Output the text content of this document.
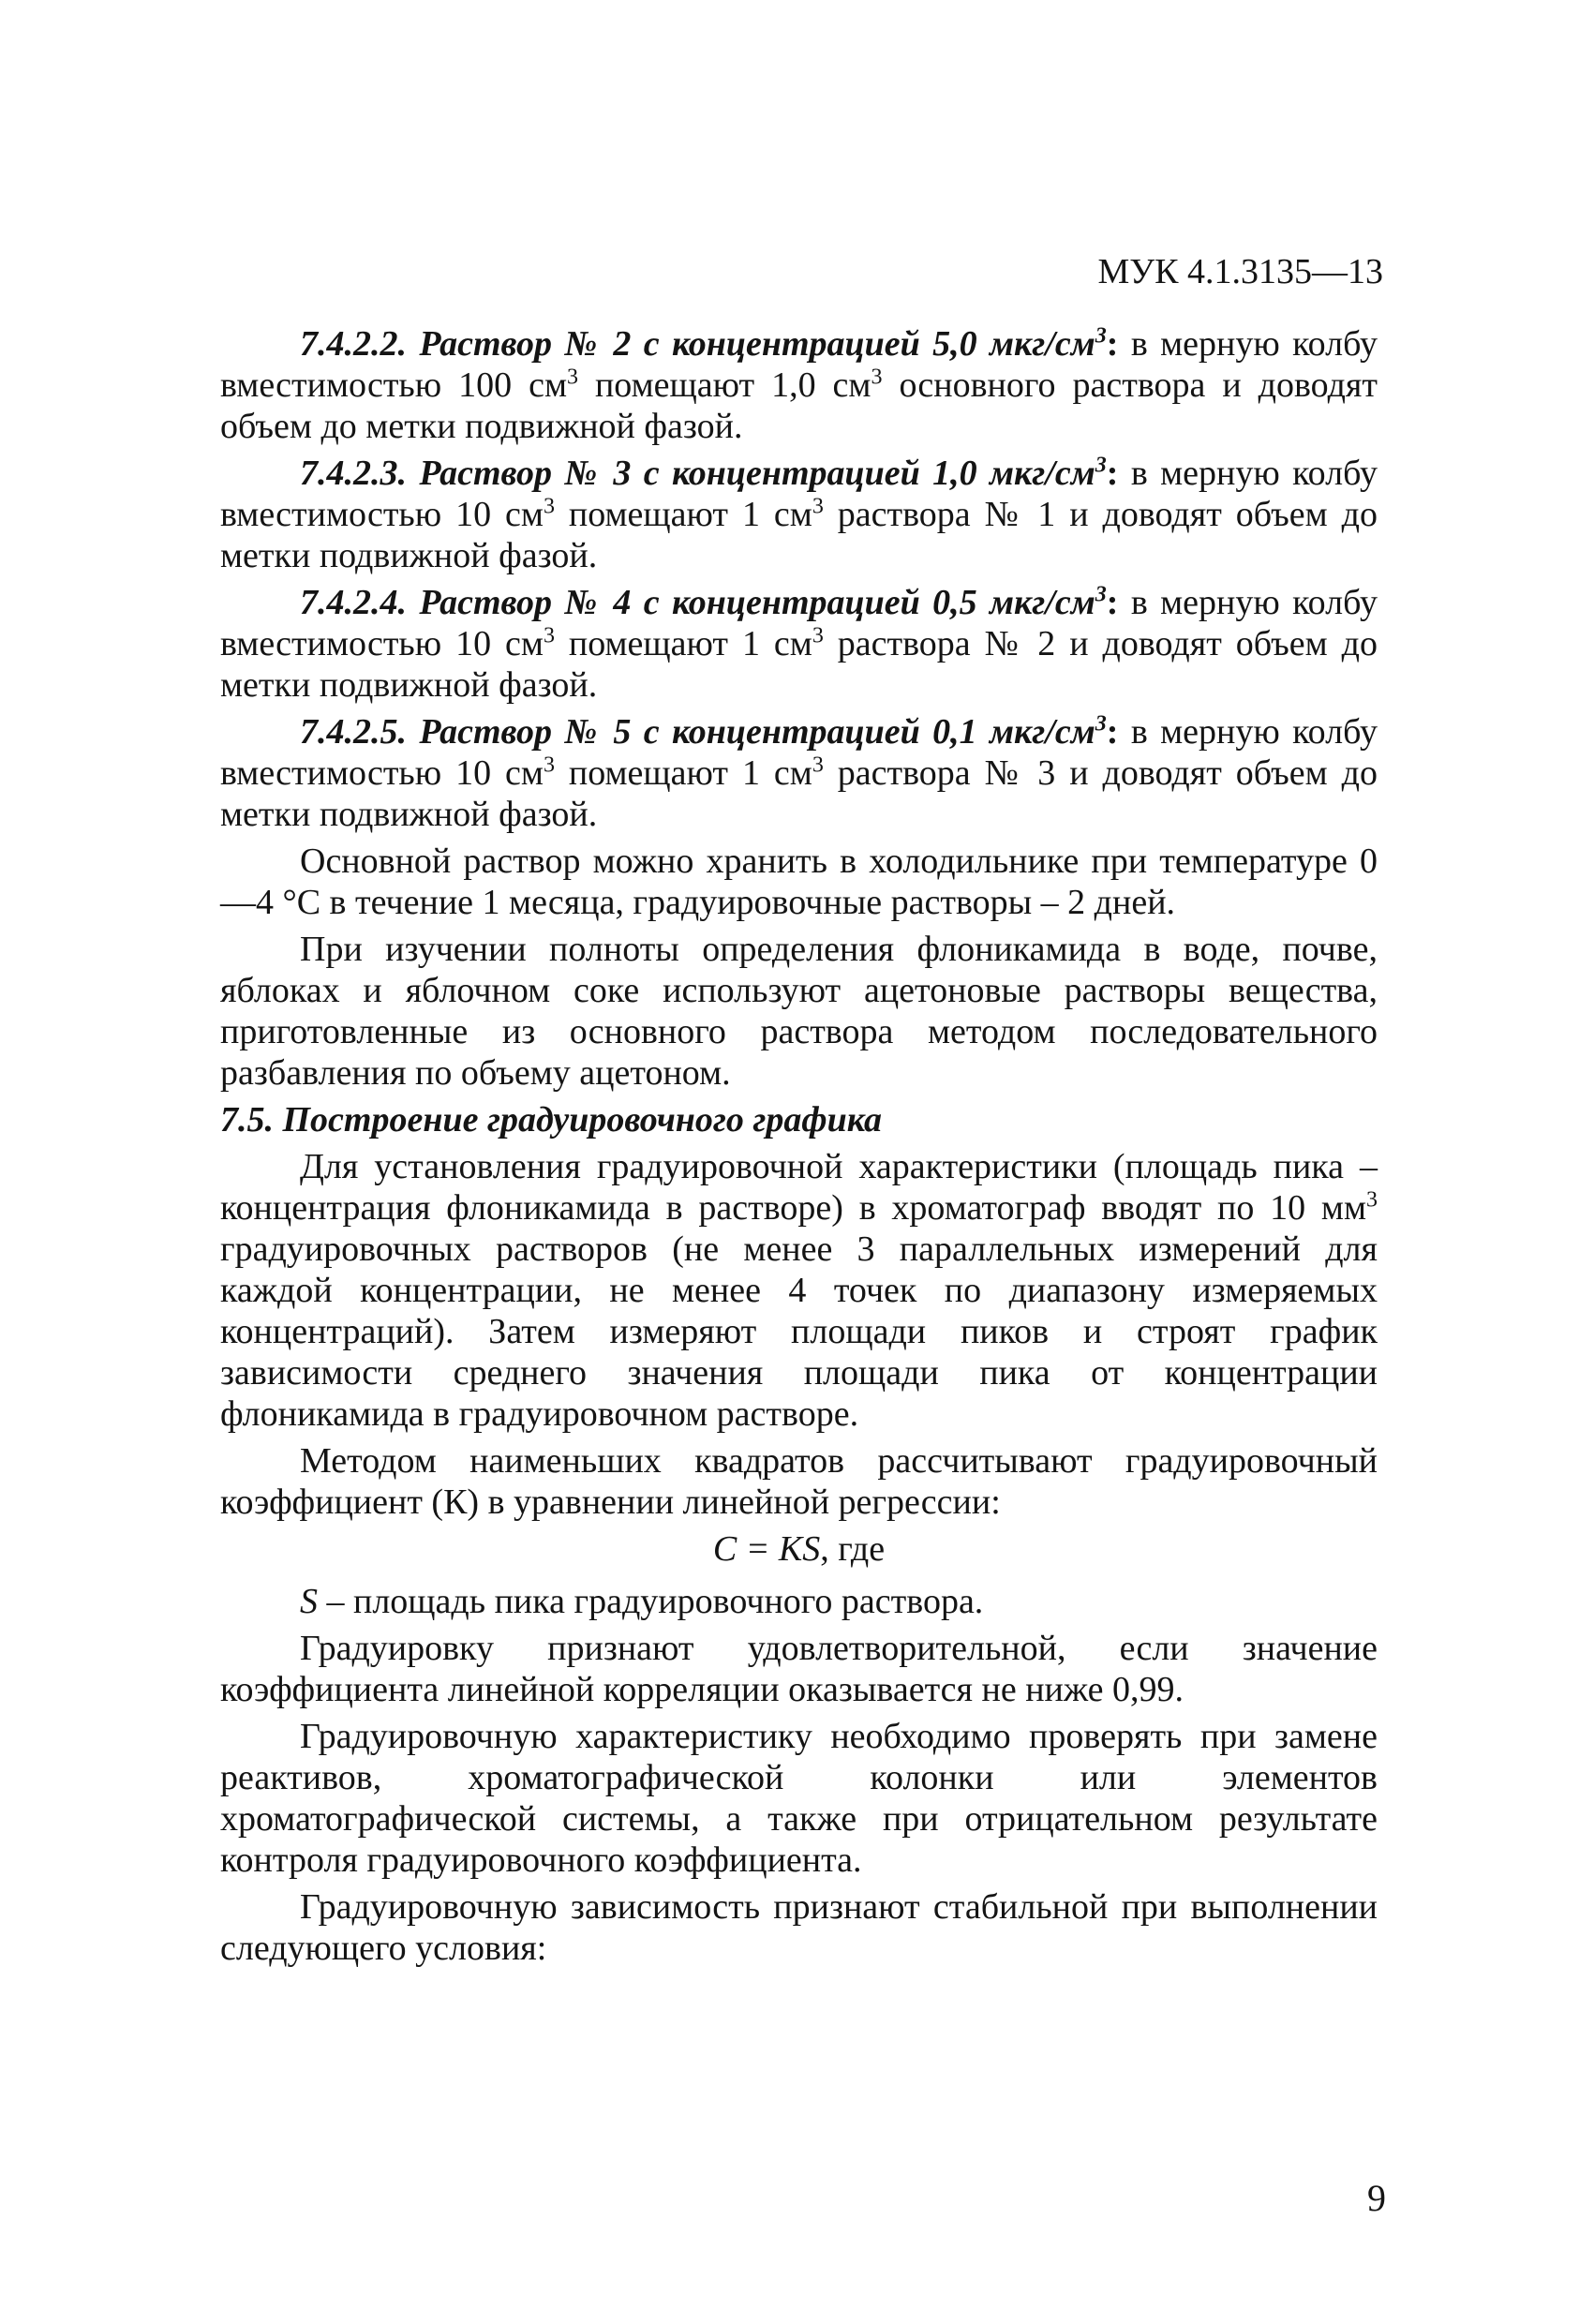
МУК 4.1.3135—13

7.4.2.2. Раствор № 2 с концентрацией 5,0 мкг/$см^3$: в мерную колбу вместимостью 100 $см^3$ помещают 1,0 $см^3$ основного раствора и доводят объем до метки подвижной фазой.

7.4.2.3. Раствор № 3 с концентрацией 1,0 мкг/$см^3$: в мерную колбу вместимостью 10 $см^3$ помещают 1 $см^3$ раствора № 1 и доводят объем до метки подвижной фазой.

7.4.2.4. Раствор № 4 с концентрацией 0,5 мкг/$см^3$: в мерную колбу вместимостью 10 $см^3$ помещают 1 $см^3$ раствора № 2 и доводят объем до метки подвижной фазой.

7.4.2.5. Раствор № 5 с концентрацией 0,1 мкг/$см^3$: в мерную колбу вместимостью 10 $см^3$ помещают 1 $см^3$ раствора № 3 и доводят объем до метки подвижной фазой.

Основной раствор можно хранить в холодильнике при температуре 0—4 °C в течение 1 месяца, градуировочные растворы – 2 дней.

При изучении полноты определения флоникамида в воде, почве, яблоках и яблочном соке используют ацетоновые растворы вещества, приготовленные из основного раствора методом последовательного разбавления по объему ацетоном.

7.5. Построение градуировочного графика

Для установления градуировочной характеристики (площадь пика – концентрация флоникамида в растворе) в хроматограф вводят по 10 $мм^3$ градуировочных растворов (не менее 3 параллельных измерений для каждой концентрации, не менее 4 точек по диапазону измеряемых концентраций). Затем измеряют площади пиков и строят график зависимости среднего значения площади пика от концентрации флоникамида в градуировочном растворе.

Методом наименьших квадратов рассчитывают градуировочный коэффициент (К) в уравнении линейной регрессии:

C = KS, где

S – площадь пика градуировочного раствора.

Градуировку признают удовлетворительной, если значение коэффициента линейной корреляции оказывается не ниже 0,99.

Градуировочную характеристику необходимо проверять при замене реактивов, хроматографической колонки или элементов хроматографической системы, а также при отрицательном результате контроля градуировочного коэффициента.

Градуировочную зависимость признают стабильной при выполнении следующего условия:

9
